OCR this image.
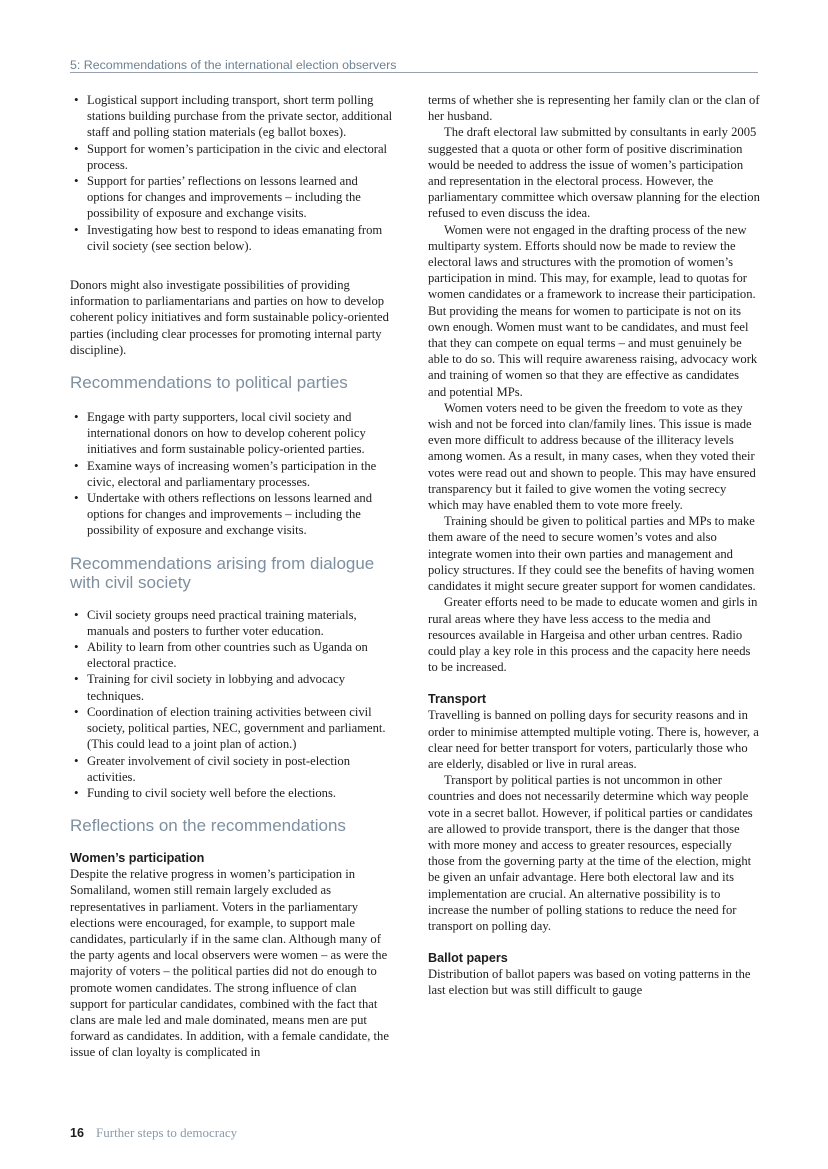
5: Recommendations of the international election observers
• Logistical support including transport, short term polling stations building purchase from the private sector, additional staff and polling station materials (eg ballot boxes).
• Support for women’s participation in the civic and electoral process.
• Support for parties’ reflections on lessons learned and options for changes and improvements – including the possibility of exposure and exchange visits.
• Investigating how best to respond to ideas emanating from civil society (see section below).

Donors might also investigate possibilities of providing information to parliamentarians and parties on how to develop coherent policy initiatives and form sustainable policy-oriented parties (including clear processes for promoting internal party discipline).

Recommendations to political parties
• Engage with party supporters, local civil society and international donors on how to develop coherent policy initiatives and form sustainable policy-oriented parties.
• Examine ways of increasing women’s participation in the civic, electoral and parliamentary processes.
• Undertake with others reflections on lessons learned and options for changes and improvements – including the possibility of exposure and exchange visits.
Recommendations arising from dialogue with civil society
• Civil society groups need practical training materials, manuals and posters to further voter education.
• Ability to learn from other countries such as Uganda on electoral practice.
• Training for civil society in lobbying and advocacy techniques.
• Coordination of election training activities between civil society, political parties, NEC, government and parliament. (This could lead to a joint plan of action.)
• Greater involvement of civil society in post-election activities.
• Funding to civil society well before the elections.
Reflections on the recommendations
Women’s participation

Despite the relative progress in women’s participation in Somaliland, women still remain largely excluded as representatives in parliament. Voters in the parliamentary elections were encouraged, for example, to support male candidates, particularly if in the same clan. Although many of the party agents and local observers were women – as were the majority of voters – the political parties did not do enough to promote women candidates. The strong influence of clan support for particular candidates, combined with the fact that clans are male led and male dominated, means men are put forward as candidates. In addition, with a female candidate, the issue of clan loyalty is complicated in

terms of whether she is representing her family clan or the clan of her husband.

The draft electoral law submitted by consultants in early 2005 suggested that a quota or other form of positive discrimination would be needed to address the issue of women’s participation and representation in the electoral process. However, the parliamentary committee which oversaw planning for the election refused to even discuss the idea.

Women were not engaged in the drafting process of the new multiparty system. Efforts should now be made to review the electoral laws and structures with the promotion of women’s participation in mind. This may, for example, lead to quotas for women candidates or a framework to increase their participation. But providing the means for women to participate is not on its own enough. Women must want to be candidates, and must feel that they can compete on equal terms – and must genuinely be able to do so. This will require awareness raising, advocacy work and training of women so that they are effective as candidates and potential MPs.

Women voters need to be given the freedom to vote as they wish and not be forced into clan/family lines. This issue is made even more difficult to address because of the illiteracy levels among women. As a result, in many cases, when they voted their votes were read out and shown to people. This may have ensured transparency but it failed to give women the voting secrecy which may have enabled them to vote more freely.

Training should be given to political parties and MPs to make them aware of the need to secure women’s votes and also integrate women into their own parties and management and policy structures. If they could see the benefits of having women candidates it might secure greater support for women candidates.

Greater efforts need to be made to educate women and girls in rural areas where they have less access to the media and resources available in Hargeisa and other urban centres. Radio could play a key role in this process and the capacity here needs to be increased.

Transport

Travelling is banned on polling days for security reasons and in order to minimise attempted multiple voting. There is, however, a clear need for better transport for voters, particularly those who are elderly, disabled or live in rural areas.

Transport by political parties is not uncommon in other countries and does not necessarily determine which way people vote in a secret ballot. However, if political parties or candidates are allowed to provide transport, there is the danger that those with more money and access to greater resources, especially those from the governing party at the time of the election, might be given an unfair advantage. Here both electoral law and its implementation are crucial. An alternative possibility is to increase the number of polling stations to reduce the need for transport on polling day.

Ballot papers

Distribution of ballot papers was based on voting patterns in the last election but was still difficult to gauge

16 Further steps to democracy
